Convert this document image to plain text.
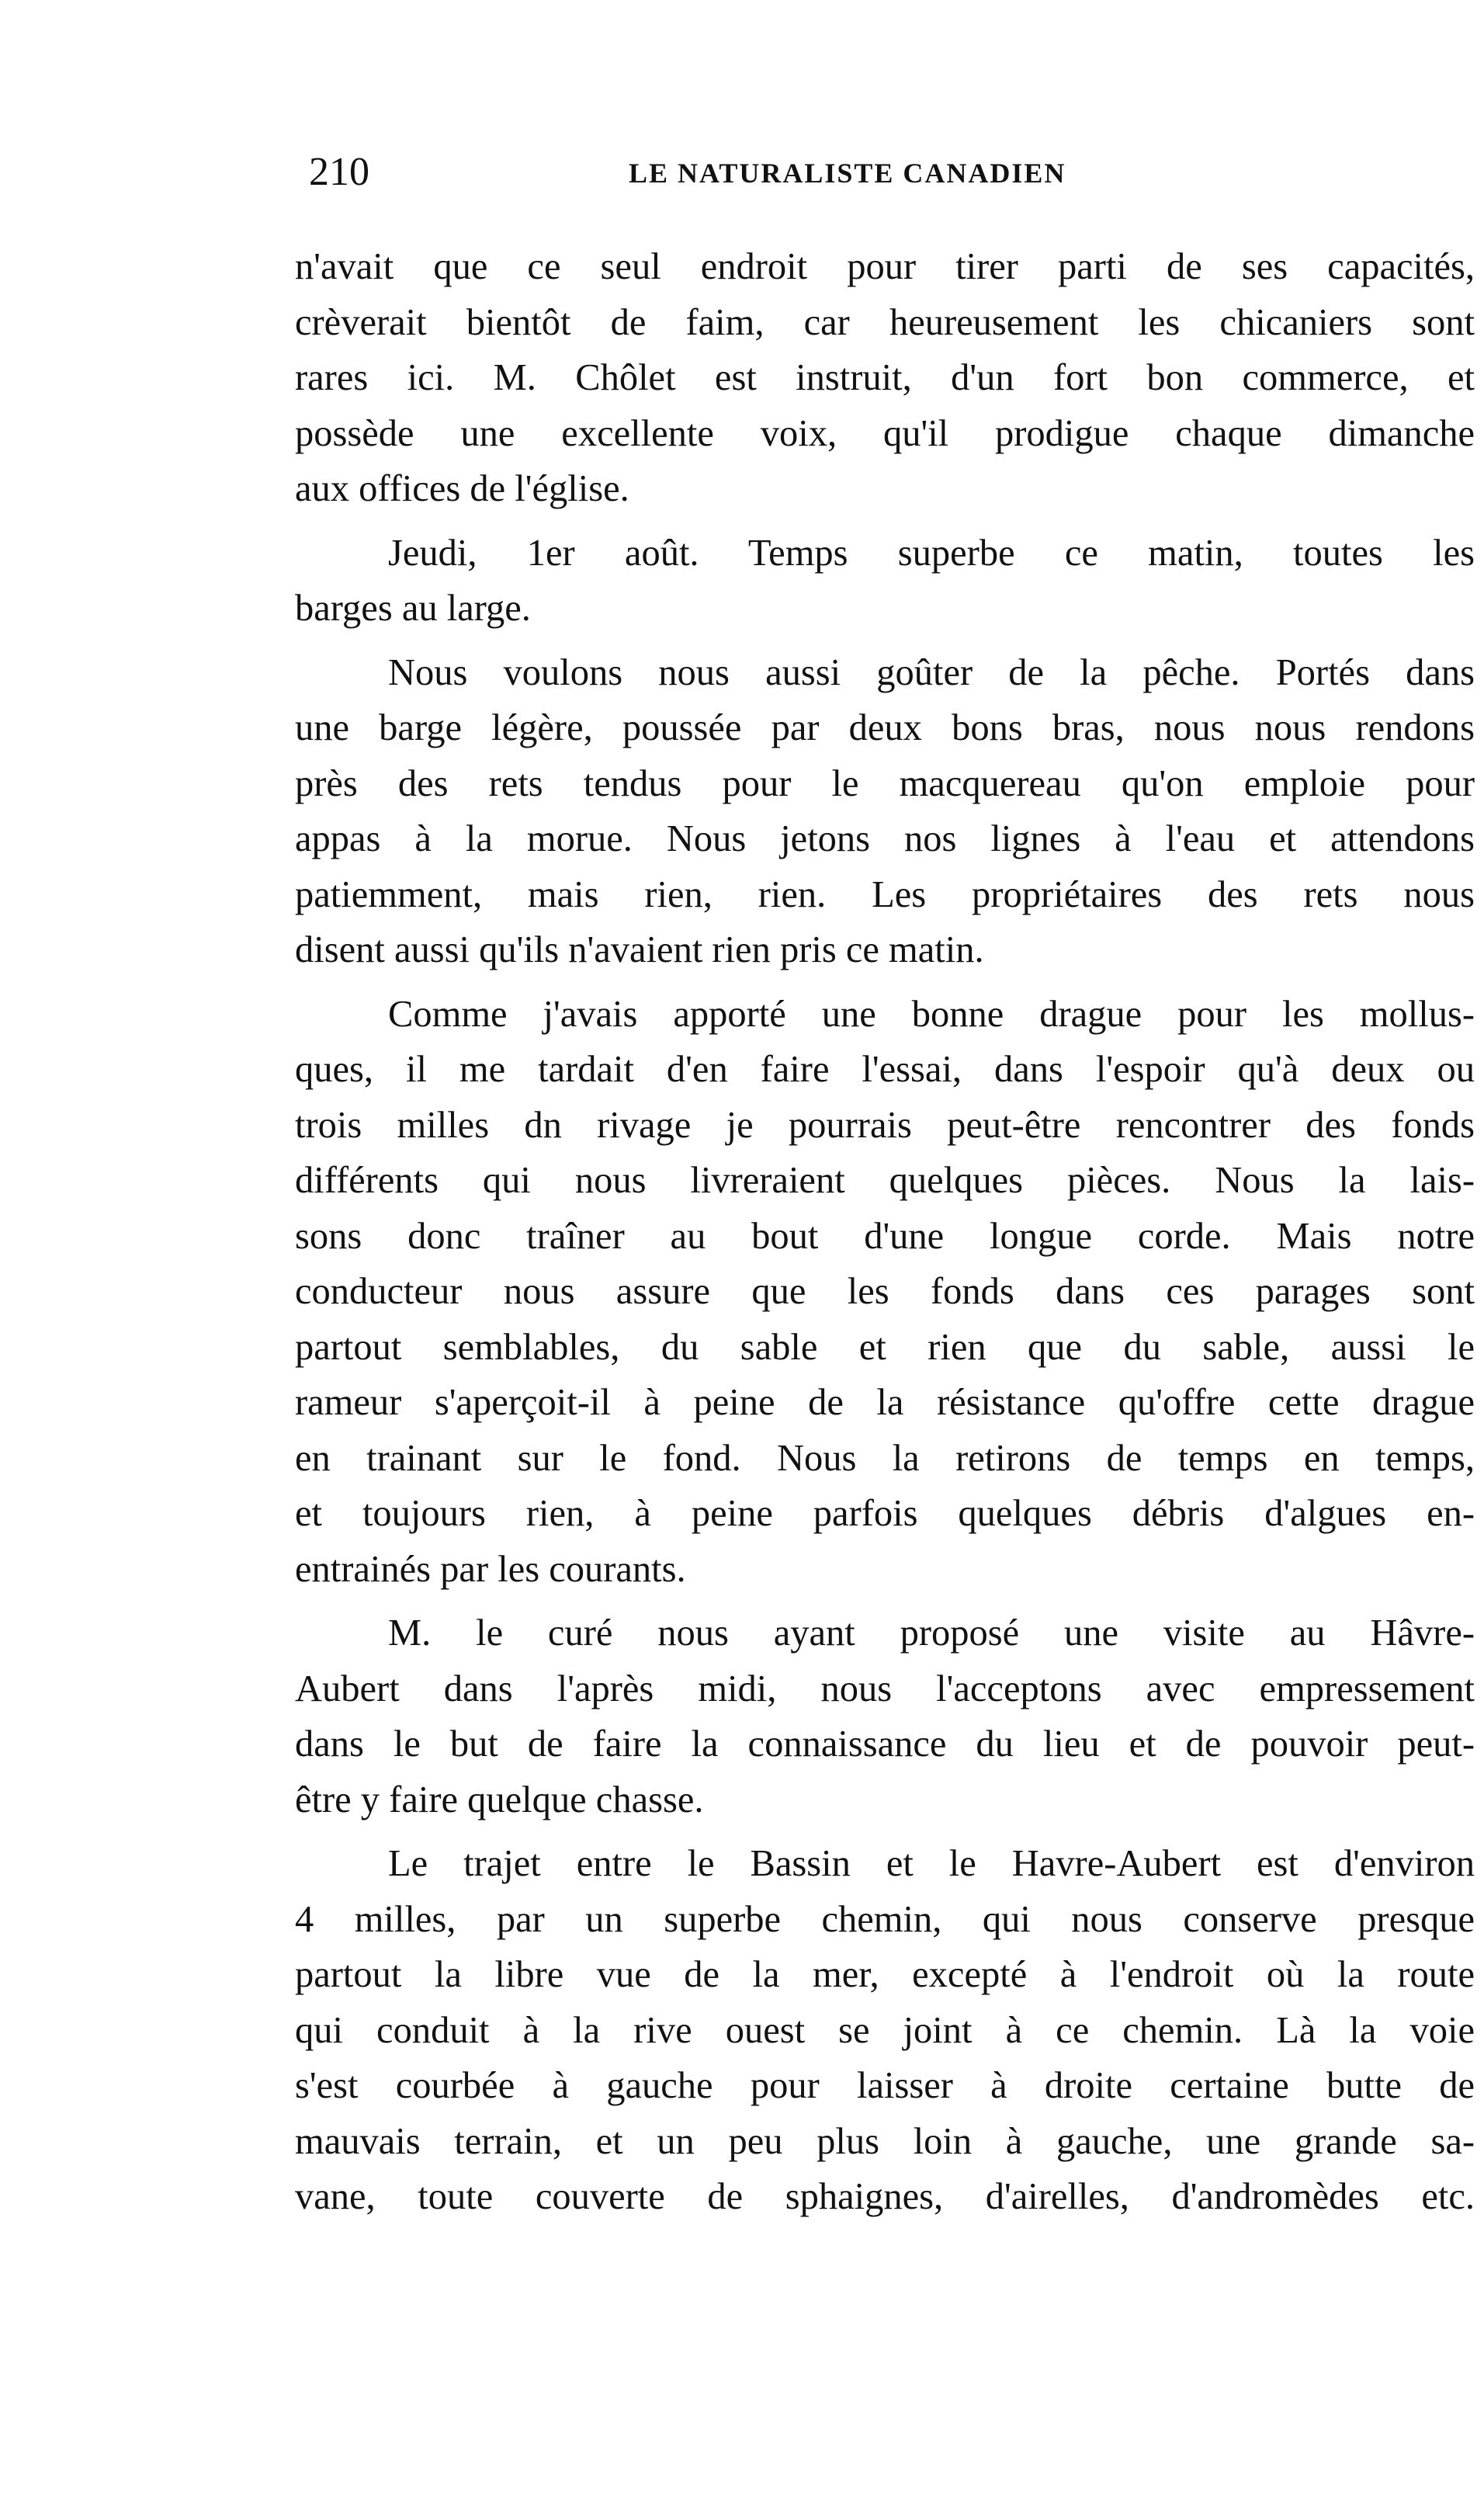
210	LE NATURALISTE CANADIEN
n'avait que ce seul endroit pour tirer parti de ses capacités,
crèverait bientôt de faim, car heureusement les chicaniers sont
rares ici. M. Chôlet est instruit, d'un fort bon commerce, et
possède une excellente voix, qu'il prodigue chaque dimanche
aux offices de l'église.
Jeudi, 1er août. Temps superbe ce matin, toutes les
barges au large.
Nous voulons nous aussi goûter de la pêche. Portés dans
une barge légère, poussée par deux bons bras, nous nous rendons
près des rets tendus pour le macquereau qu'on emploie pour
appas à la morue. Nous jetons nos lignes à l'eau et attendons
patiemment, mais rien, rien. Les propriétaires des rets nous
disent aussi qu'ils n'avaient rien pris ce matin.
Comme j'avais apporté une bonne drague pour les mollus-
ques, il me tardait d'en faire l'essai, dans l'espoir qu'à deux ou
trois milles dn rivage je pourrais peut-être rencontrer des fonds
différents qui nous livreraient quelques pièces. Nous la lais-
sons donc traîner au bout d'une longue corde. Mais notre
conducteur nous assure que les fonds dans ces parages sont
partout semblables, du sable et rien que du sable, aussi le
rameur s'aperçoit-il à peine de la résistance qu'offre cette drague
en trainant sur le fond. Nous la retirons de temps en temps,
et toujours rien, à peine parfois quelques débris d'algues en-
entrainés par les courants.
M. le curé nous ayant proposé une visite au Hâvre-
Aubert dans l'après midi, nous l'acceptons avec empressement
dans le but de faire la connaissance du lieu et de pouvoir peut-
être y faire quelque chasse.
Le trajet entre le Bassin et le Havre-Aubert est d'environ
4 milles, par un superbe chemin, qui nous conserve presque
partout la libre vue de la mer, excepté à l'endroit où la route
qui conduit à la rive ouest se joint à ce chemin. Là la voie
s'est courbée à gauche pour laisser à droite certaine butte de
mauvais terrain, et un peu plus loin à gauche, une grande sa-
vane, toute couverte de sphaignes, d'airelles, d'andromèdes etc.
